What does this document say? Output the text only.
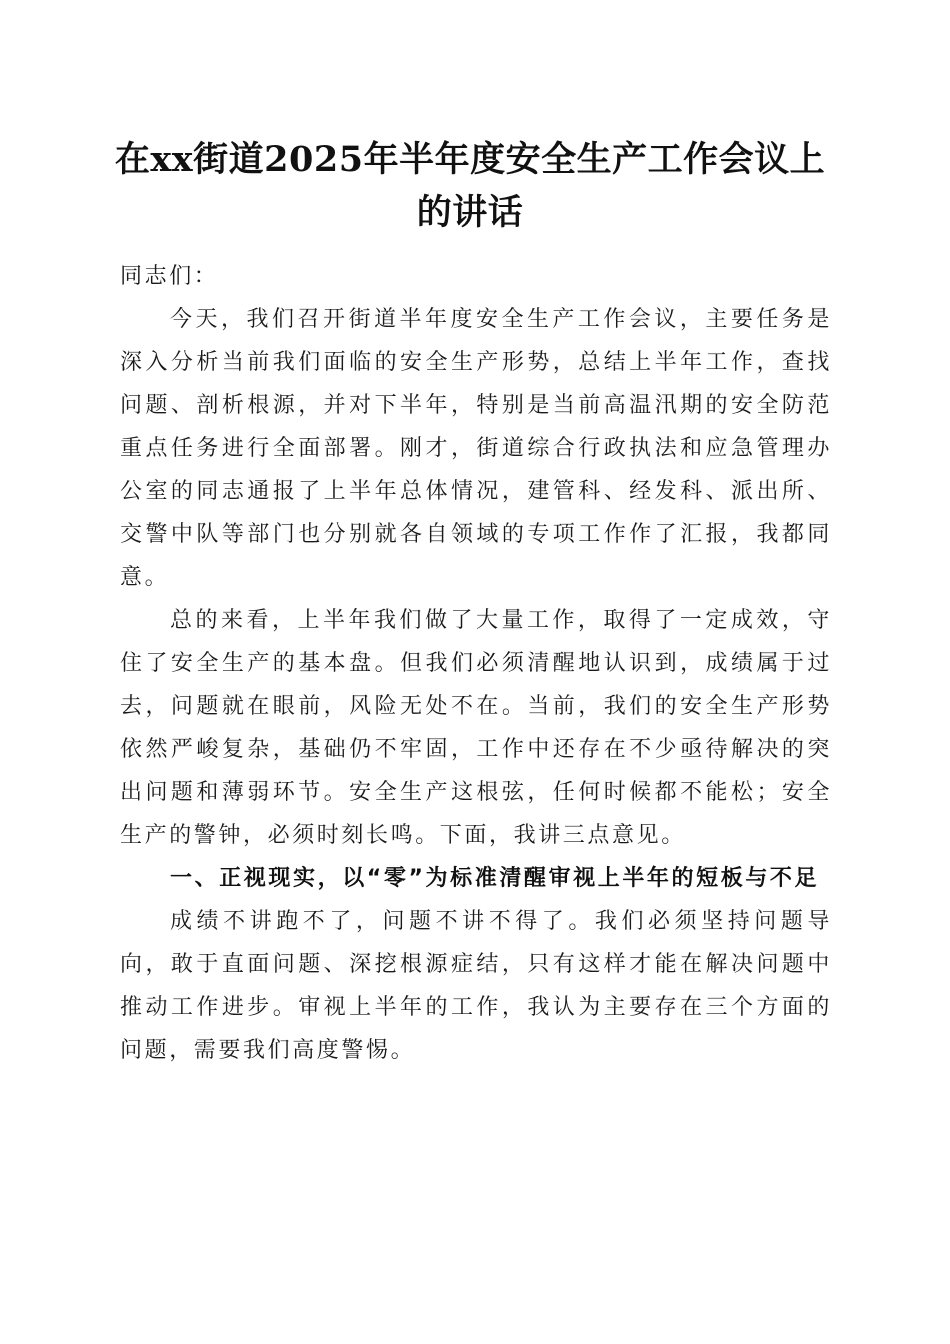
在xx街道2025年半年度安全生产工作会议上
的讲话

同志们：

今天，我们召开街道半年度安全生产工作会议，主要任务是深入分析当前我们面临的安全生产形势，总结上半年工作，查找问题、剖析根源，并对下半年，特别是当前高温汛期的安全防范重点任务进行全面部署。刚才，街道综合行政执法和应急管理办公室的同志通报了上半年总体情况，建管科、经发科、派出所、交警中队等部门也分别就各自领域的专项工作作了汇报，我都同意。

总的来看，上半年我们做了大量工作，取得了一定成效，守住了安全生产的基本盘。但我们必须清醒地认识到，成绩属于过去，问题就在眼前，风险无处不在。当前，我们的安全生产形势依然严峻复杂，基础仍不牢固，工作中还存在不少亟待解决的突出问题和薄弱环节。安全生产这根弦，任何时候都不能松；安全生产的警钟，必须时刻长鸣。下面，我讲三点意见。

一、正视现实，以“零”为标准清醒审视上半年的短板与不足

成绩不讲跑不了，问题不讲不得了。我们必须坚持问题导向，敢于直面问题、深挖根源症结，只有这样才能在解决问题中推动工作进步。审视上半年的工作，我认为主要存在三个方面的问题，需要我们高度警惕。
